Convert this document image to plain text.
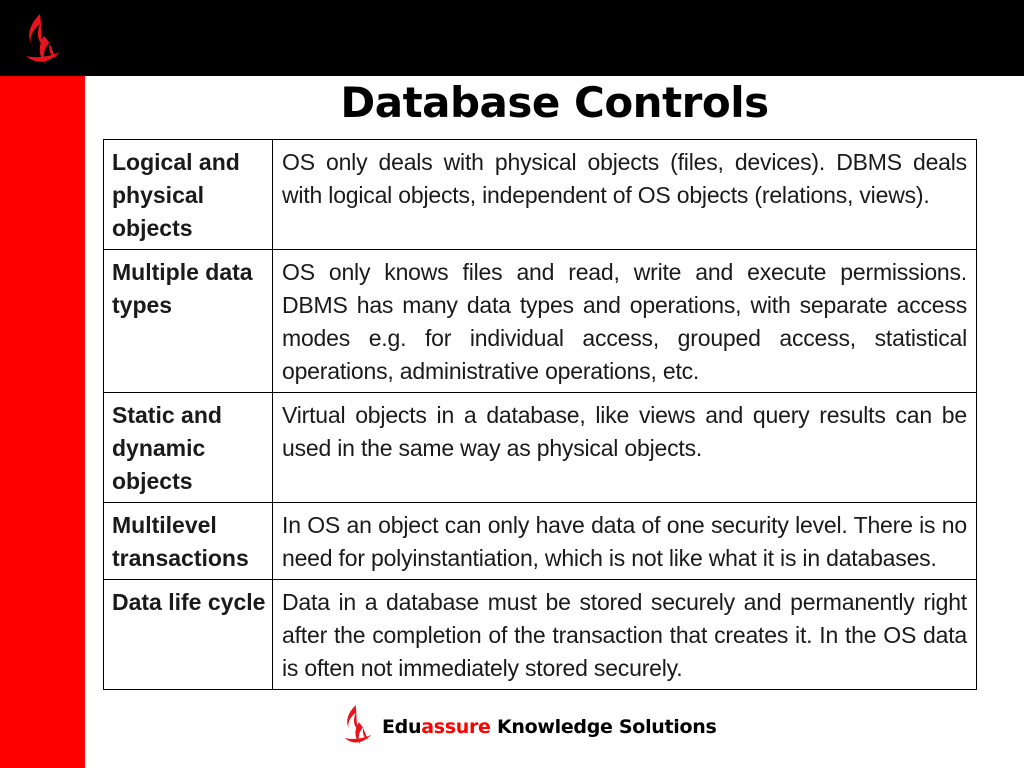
Database Controls
Logical and physical objects	OS only deals with physical objects (files, devices). DBMS deals with logical objects, independent of OS objects (relations, views).
Multiple data types	OS only knows files and read, write and execute permissions. DBMS has many data types and operations, with separate access modes e.g. for individual access, grouped access, statistical operations, administrative operations, etc.
Static and dynamic objects	Virtual objects in a database, like views and query results can be used in the same way as physical objects.
Multilevel transactions	In OS an object can only have data of one security level. There is no need for polyinstantiation, which is not like what it is in databases.
Data life cycle	Data in a database must be stored securely and permanently right after the completion of the transaction that creates it. In the OS data is often not immediately stored securely.
Eduassure Knowledge Solutions
